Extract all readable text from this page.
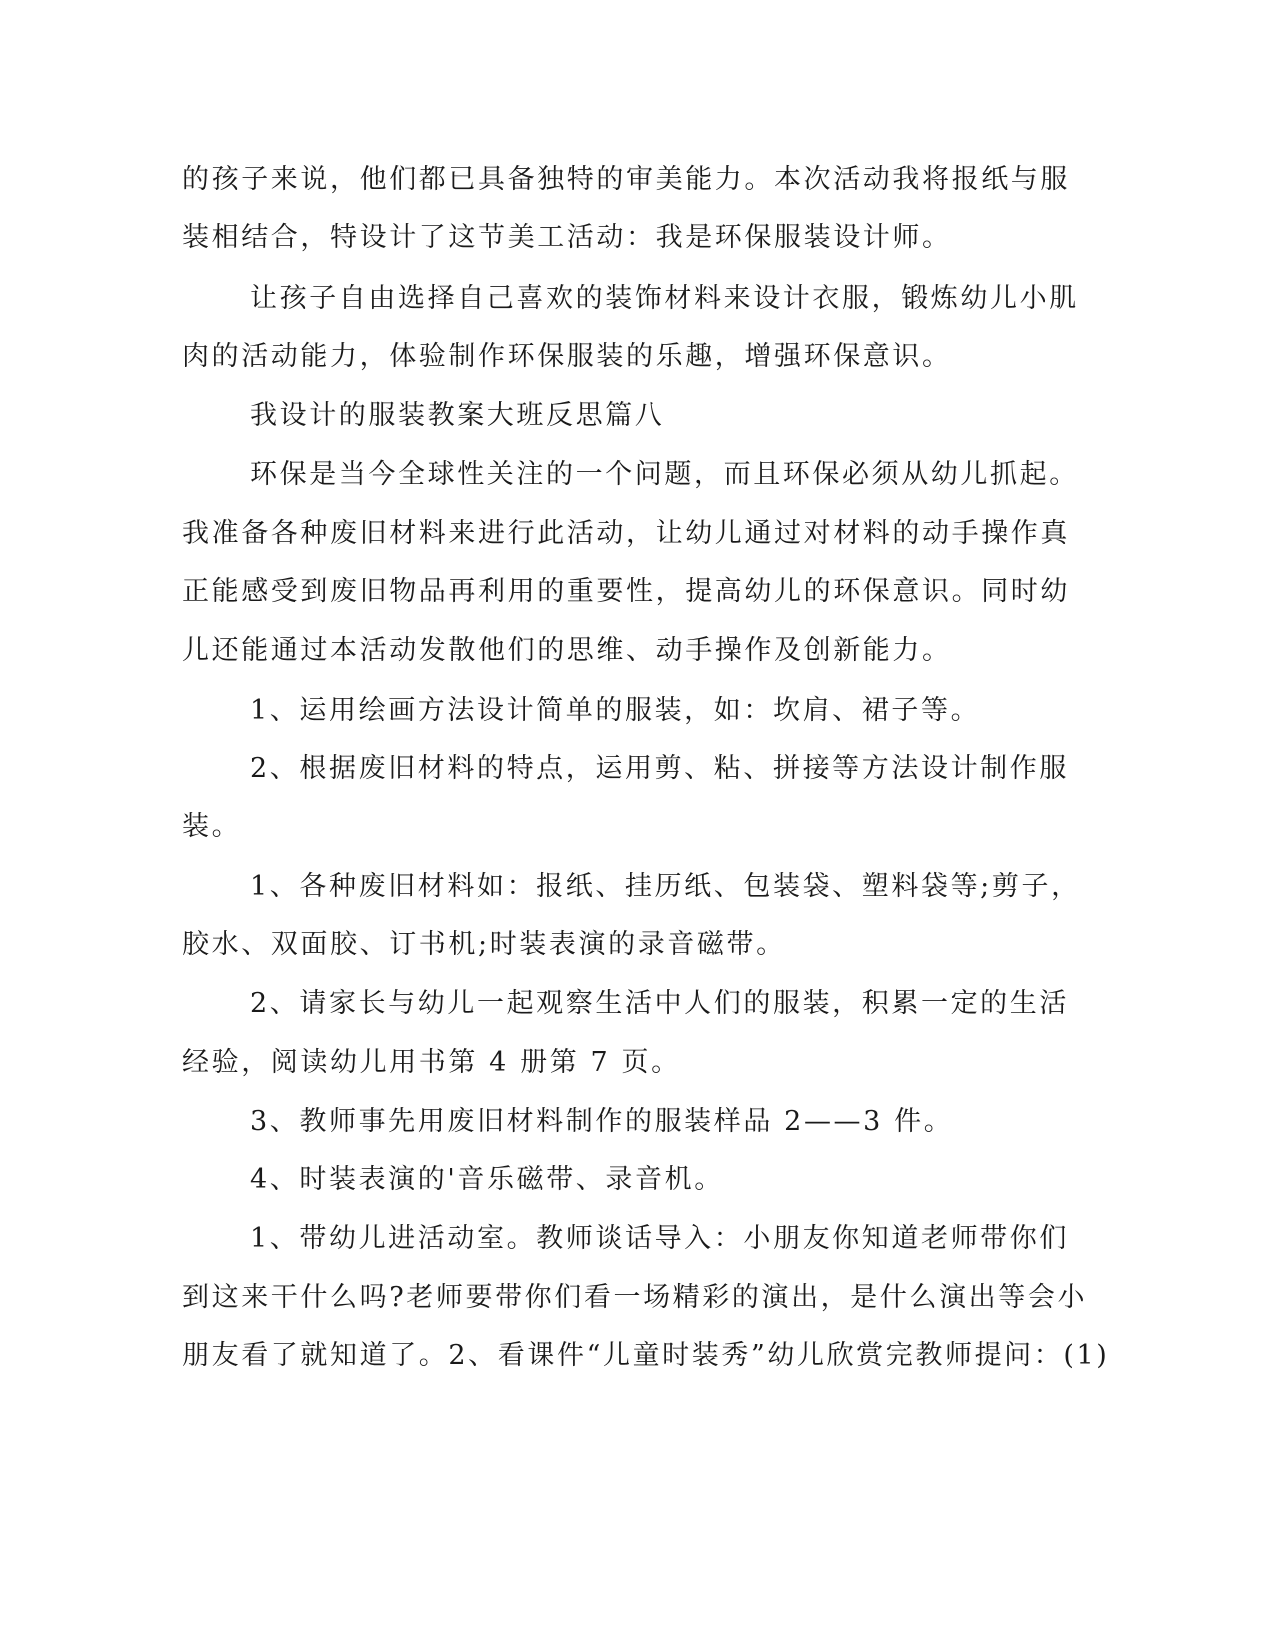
的孩子来说，他们都已具备独特的审美能力。本次活动我将报纸与服

装相结合，特设计了这节美工活动：我是环保服装设计师。

让孩子自由选择自己喜欢的装饰材料来设计衣服，锻炼幼儿小肌

肉的活动能力，体验制作环保服装的乐趣，增强环保意识。

我设计的服装教案大班反思篇八

环保是当今全球性关注的一个问题，而且环保必须从幼儿抓起。

我准备各种废旧材料来进行此活动，让幼儿通过对材料的动手操作真

正能感受到废旧物品再利用的重要性，提高幼儿的环保意识。同时幼

儿还能通过本活动发散他们的思维、动手操作及创新能力。

1、运用绘画方法设计简单的服装，如：坎肩、裙子等。

2、根据废旧材料的特点，运用剪、粘、拼接等方法设计制作服

装。

1、各种废旧材料如：报纸、挂历纸、包装袋、塑料袋等;剪子，

胶水、双面胶、订书机;时装表演的录音磁带。

2、请家长与幼儿一起观察生活中人们的服装，积累一定的生活

经验，阅读幼儿用书第 4 册第 7 页。

3、教师事先用废旧材料制作的服装样品 2——3 件。

4、时装表演的'音乐磁带、录音机。

1、带幼儿进活动室。教师谈话导入：小朋友你知道老师带你们

到这来干什么吗?老师要带你们看一场精彩的演出，是什么演出等会小

朋友看了就知道了。2、看课件“儿童时装秀”幼儿欣赏完教师提问：(1)
